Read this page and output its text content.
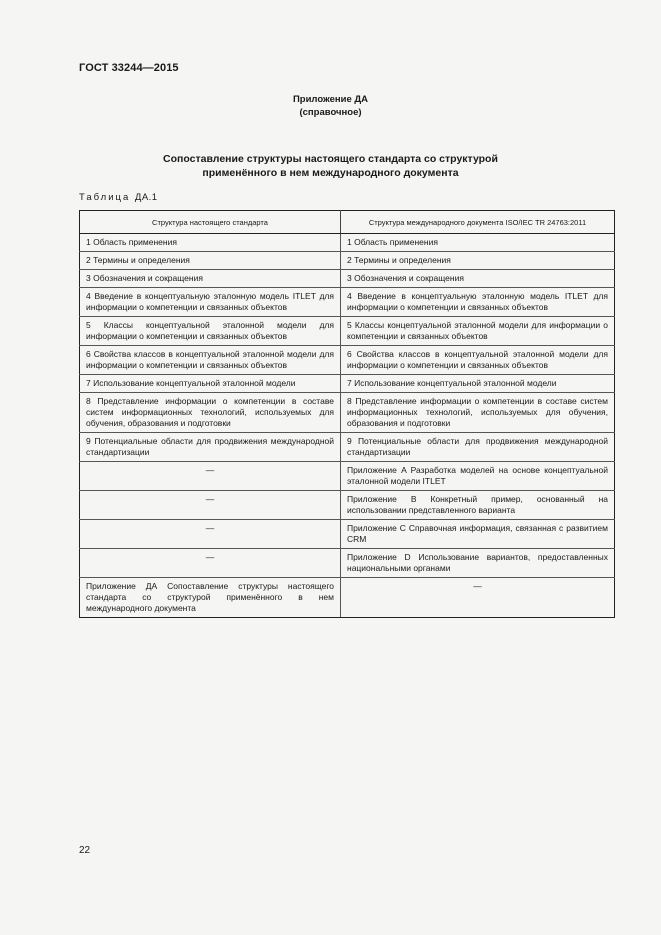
ГОСТ 33244—2015
Приложение ДА
(справочное)
Сопоставление структуры настоящего стандарта со структурой
применённого в нем международного документа
Таблица ДА.1
Структура настоящего стандарта	Структура международного документа ISO/IEC TR 24763:2011
1 Область применения	1 Область применения
2 Термины и определения	2 Термины и определения
3 Обозначения и сокращения	3 Обозначения и сокращения
4 Введение в концептуальную эталонную модель ITLET для информации о компетенции и связанных объектов	4 Введение в концептуальную эталонную модель ITLET для информации о компетенции и связанных объектов
5 Классы концептуальной эталонной модели для информации о компетенции и связанных объектов	5 Классы концептуальной эталонной модели для информации о компетенции и связанных объектов
6 Свойства классов в концептуальной эталонной модели для информации о компетенции и связанных объектов	6 Свойства классов в концептуальной эталонной модели для информации о компетенции и связанных объектов
7 Использование концептуальной эталонной модели	7 Использование концептуальной эталонной модели
8 Представление информации о компетенции в составе систем информационных технологий, используемых для обучения, образования и подготовки	8 Представление информации о компетенции в составе систем информационных технологий, используемых для обучения, образования и подготовки
9 Потенциальные области для продвижения международной стандартизации	9 Потенциальные области для продвижения международной стандартизации
—	Приложение A Разработка моделей на основе концептуальной эталонной модели ITLET
—	Приложение B Конкретный пример, основанный на использовании представленного варианта
—	Приложение C Справочная информация, связанная с развитием CRM
—	Приложение D Использование вариантов, предоставленных национальными органами
Приложение ДА Сопоставление структуры настоящего стандарта со структурой применённого в нем международного документа	—
22
